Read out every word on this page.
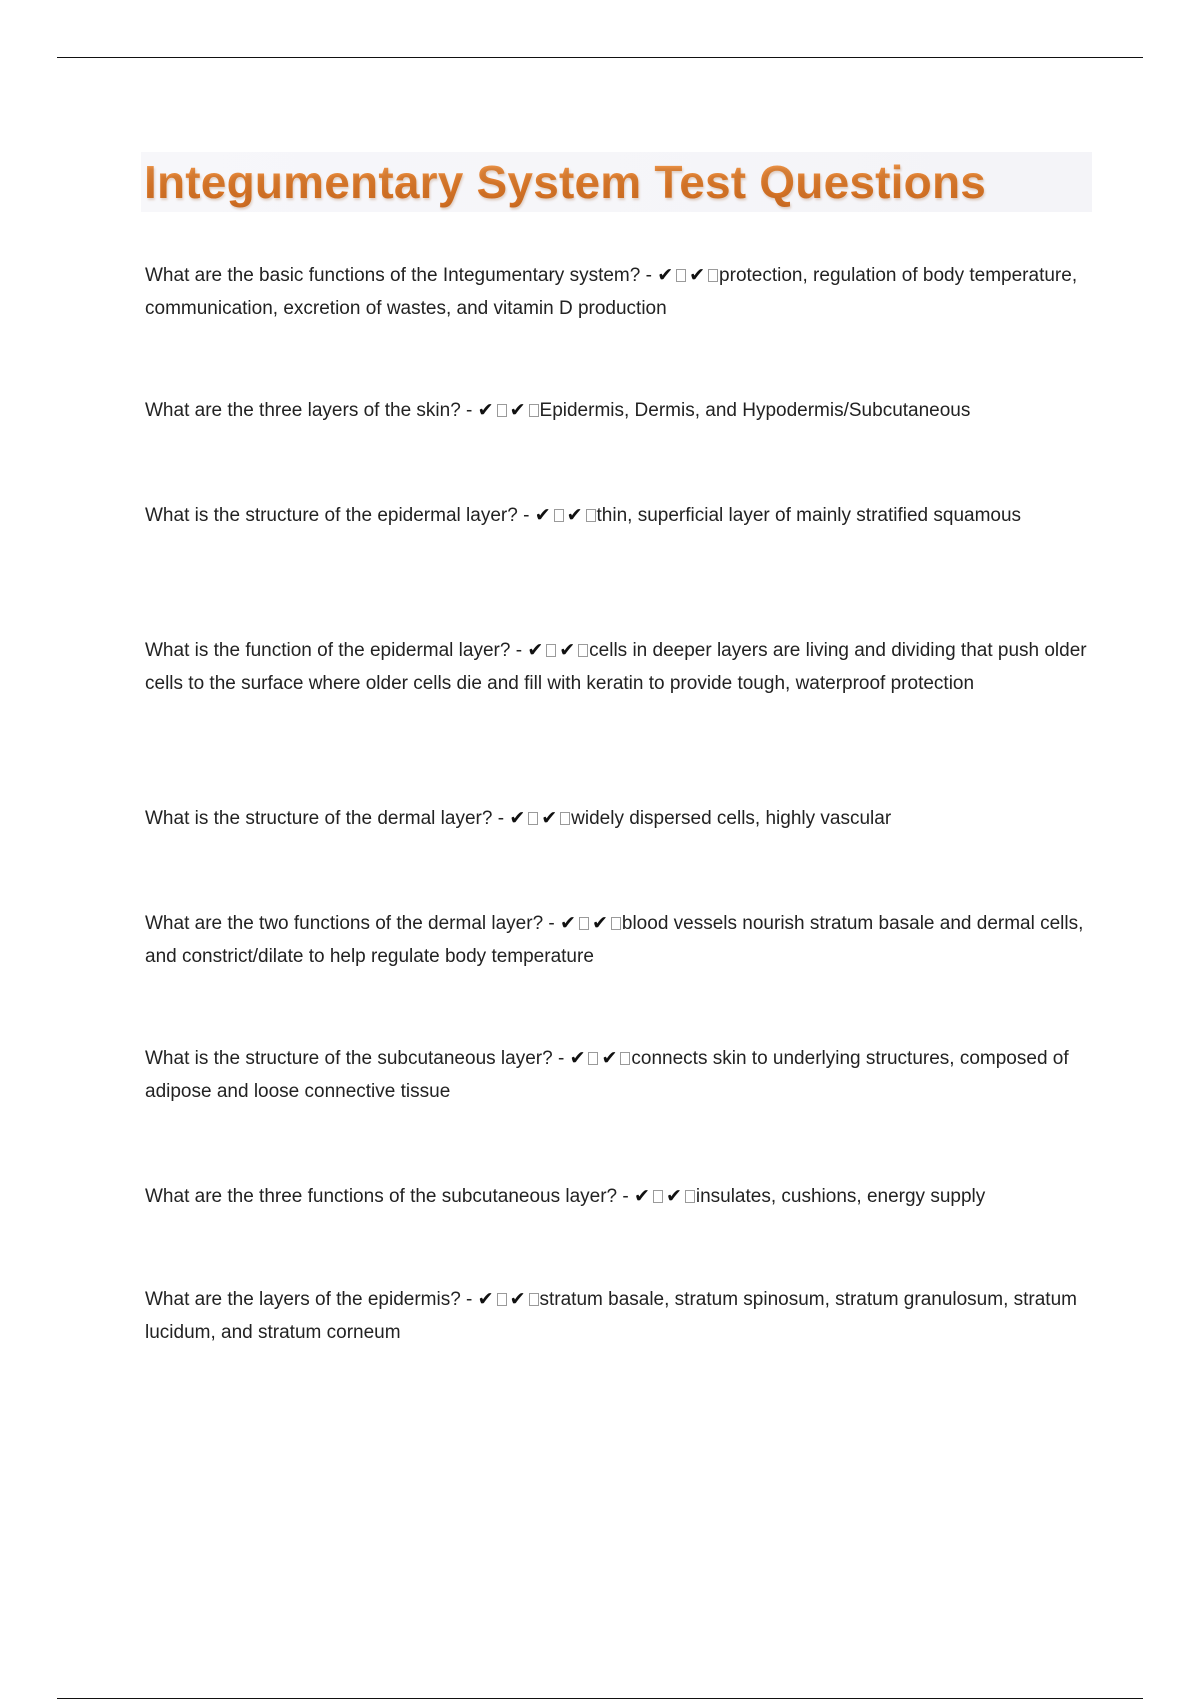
Integumentary System Test Questions

What are the basic functions of the Integumentary system? - ✔ ✔ protection, regulation of body temperature, communication, excretion of wastes, and vitamin D production

What are the three layers of the skin? - ✔ ✔ Epidermis, Dermis, and Hypodermis/Subcutaneous

What is the structure of the epidermal layer? - ✔ ✔ thin, superficial layer of mainly stratified squamous

What is the function of the epidermal layer? - ✔ ✔ cells in deeper layers are living and dividing that push older cells to the surface where older cells die and fill with keratin to provide tough, waterproof protection

What is the structure of the dermal layer? - ✔ ✔ widely dispersed cells, highly vascular

What are the two functions of the dermal layer? - ✔ ✔ blood vessels nourish stratum basale and dermal cells, and constrict/dilate to help regulate body temperature

What is the structure of the subcutaneous layer? - ✔ ✔ connects skin to underlying structures, composed of adipose and loose connective tissue

What are the three functions of the subcutaneous layer? - ✔ ✔ insulates, cushions, energy supply

What are the layers of the epidermis? - ✔ ✔ stratum basale, stratum spinosum, stratum granulosum, stratum lucidum, and stratum corneum
